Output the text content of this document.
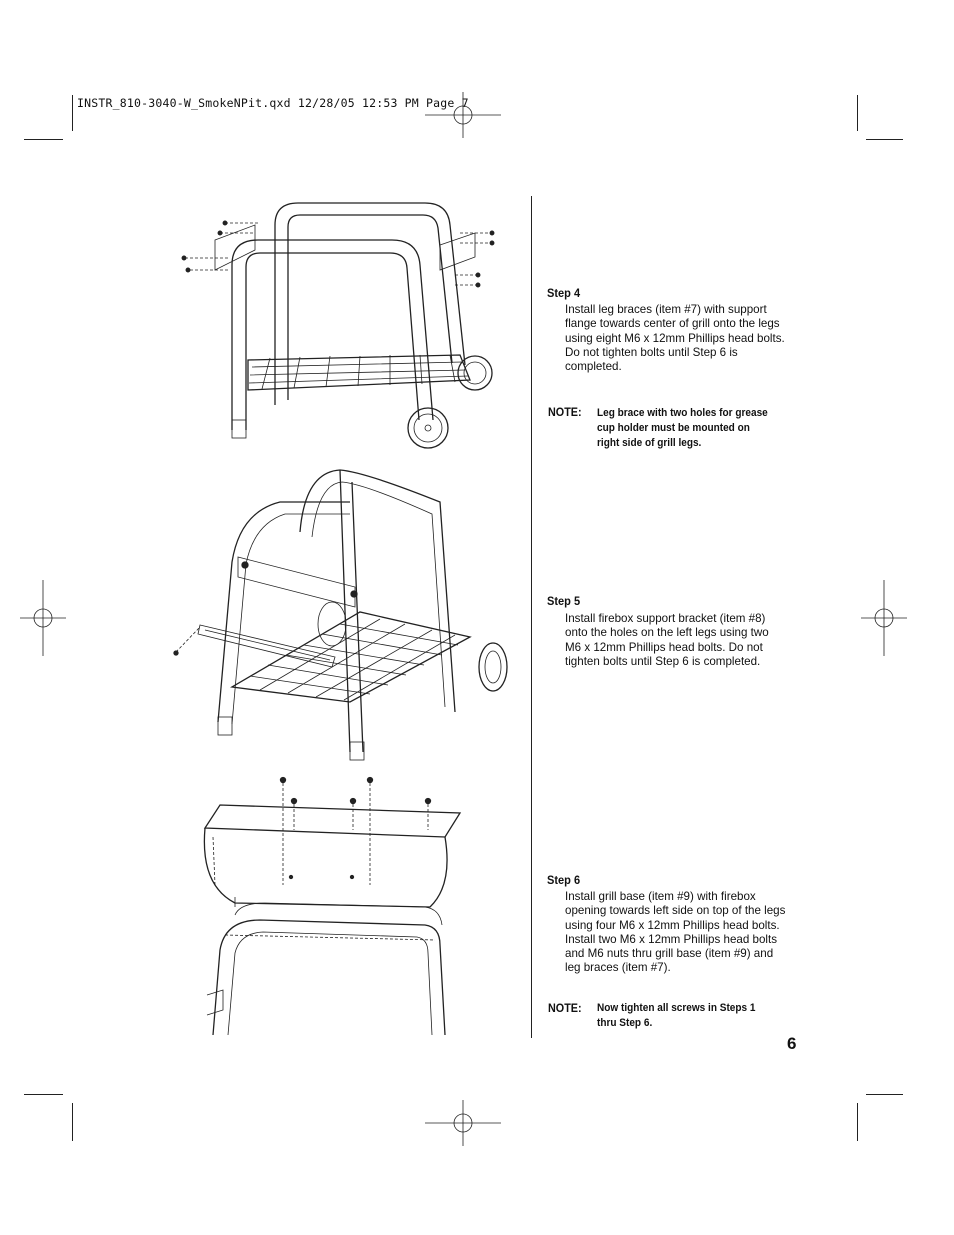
INSTR_810-3040-W_SmokeNPit.qxd 12/28/05 12:53 PM Page 7
Step 4
Install leg braces (item #7) with support flange towards center of grill onto the legs using eight M6 x 12mm Phillips head bolts. Do not tighten bolts until Step 6 is completed.
NOTE: Leg brace with two holes for grease cup holder must be mounted on right side of grill legs.
Step 5
Install firebox support bracket (item #8) onto the holes on the left legs using two M6 x 12mm Phillips head bolts. Do not tighten bolts until Step 6 is completed.
Step 6
Install grill base (item #9) with firebox opening towards left side on top of the legs using four M6 x 12mm Phillips head bolts. Install two M6 x 12mm Phillips head bolts and M6 nuts thru grill base (item #9) and leg braces (item #7).
NOTE: Now tighten all screws in Steps 1 thru Step 6.
6
